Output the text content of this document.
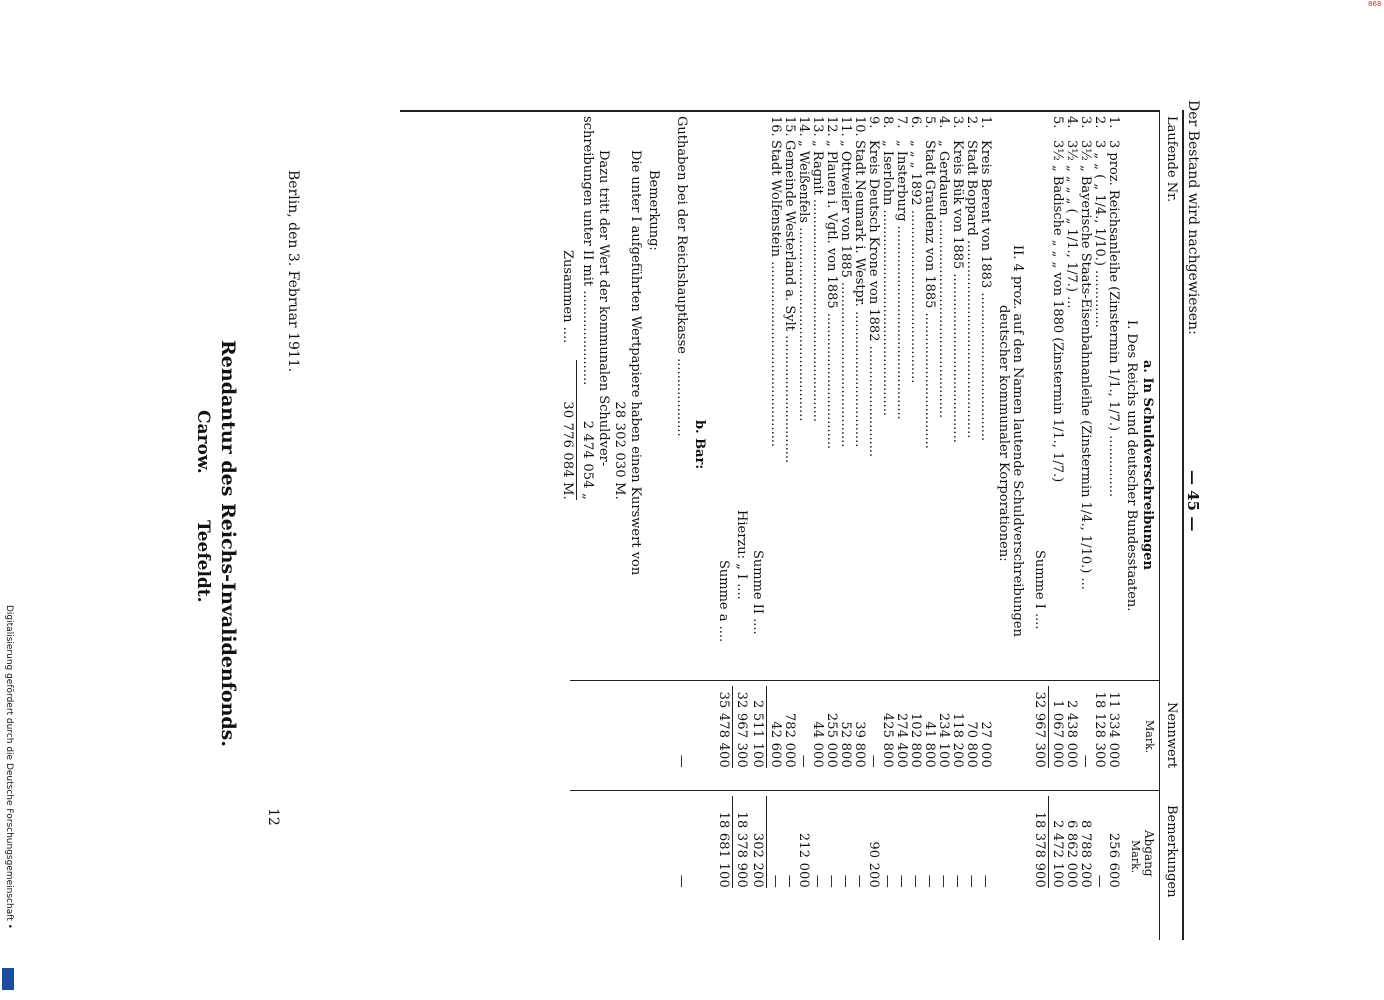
868
Digitalisierung gefördert durch die Deutsche Forschungsgemeinschaft •
Der Bestand wird nachgewiesen:
— 45 —
Laufende Nr.
Nennwert
Bemerkungen
Mark.
Abgang
Mark.
a. In Schuldverschreibungen
I. Des Reichs und deutscher Bundesstaaten.
1.
3 proz. Reichsanleihe (Zinstermin 1/1., 1/7.) ...............
11 334 000
256 600
2.
3 „ „ ( „ 1/4., 1/10.) ..............
18 128 300
—
3.
3½ „ Bayerische Staats-Eisenbahnanleihe (Zinstermin 1/4., 1/10.) ...
—
8 788 200
4.
3½ „ „ „ „ ( „ 1/1., 1/7.) ...
2 438 000
6 862 000
5.
3½ „ Badische „ „ „ von 1880 (Zinstermin 1/1., 1/7.)
1 067 000
2 472 100
Summe I ....
32 967 300
18 378 900
II. 4 proz. auf den Namen lautende Schuldverschreibungen
deutscher kommunaler Korporationen:
1.
Kreis Berent von 1883 ....................................
27 000
—
2.
Stadt Boppard ................................................
70 800
—
3.
Kreis Bük von 1885 .........................................
118 200
—
4.
„ Gerdauen ................................................
234 100
—
5.
Stadt Graudenz von 1885 .................................
41 800
—
6.
„ „ „ 1892 ..........................................
102 800
—
7.
„ Insterburg ...............................................
274 400
—
8.
„ Iserlohn ..................................................
425 800
—
9.
Kreis Deutsch Krone von 1882 ...........................
—
90 200
10.
Stadt Neumark i. Westpr. .................................
39 800
—
11.
„ Ottweiler von 1885 ........................................
52 800
—
12.
„ Plauen i. Vgtl. von 1885 .................................
255 000
—
13.
„ Ragnit ......................................................
44 000
—
14.
„ Weißenfels ...............................................
—
212 000
15.
Gemeinde Westerland a. Sylt ...............................
782 000
—
16.
Stadt Wolfenstein .............................................
42 600
—
Summe II ....
2 511 100
302 200
Hierzu: „ I ....
32 967 300
18 378 900
Summe a ....
35 478 400
18 681 100
b. Bar:
Guthaben bei der Reichshauptkasse ...................
—
—
Bemerkung:
Die unter I aufgeführten Wertpapiere haben einen Kurswert von
28 302 030 M.
Dazu tritt der Wert der kommunalen Schuldver-
schreibungen unter II mit .......................
2 474 054 „
Zusammen ....
30 776 084 M.
Berlin, den 3. Februar 1911.
Rendantur des Reichs-Invalidenfonds.
Carow.
Teefeldt.
12
